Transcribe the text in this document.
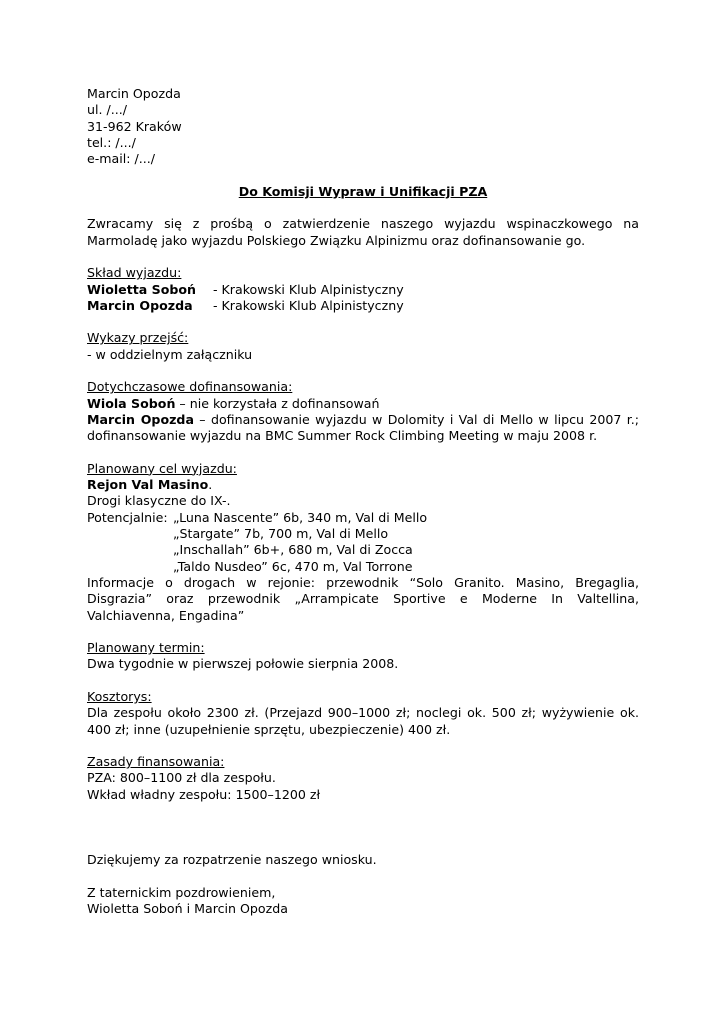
Marcin Opozda
ul. /.../
31-962 Kraków
tel.: /.../
e-mail: /.../
Do Komisji Wypraw i Unifikacji PZA
Zwracamy się z prośbą o zatwierdzenie naszego wyjazdu wspinaczkowego na Marmoladę jako wyjazdu Polskiego Związku Alpinizmu oraz dofinansowanie go.
Skład wyjazdu:
Wioletta Soboń - Krakowski Klub Alpinistyczny
Marcin Opozda - Krakowski Klub Alpinistyczny
Wykazy przejść:
- w oddzielnym załączniku
Dotychczasowe dofinansowania:
Wiola Soboń – nie korzystała z dofinansowań
Marcin Opozda – dofinansowanie wyjazdu w Dolomity i Val di Mello w lipcu 2007 r.; dofinansowanie wyjazdu na BMC Summer Rock Climbing Meeting w maju 2008 r.
Planowany cel wyjazdu:
Rejon Val Masino.
Drogi klasyczne do IX-.
Potencjalnie: „Luna Nascente” 6b, 340 m, Val di Mello
„Stargate” 7b, 700 m, Val di Mello
„Inschallah” 6b+, 680 m, Val di Zocca
„Taldo Nusdeo” 6c, 470 m, Val Torrone
Informacje o drogach w rejonie: przewodnik “Solo Granito. Masino, Bregaglia, Disgrazia” oraz przewodnik „Arrampicate Sportive e Moderne In Valtellina, Valchiavenna, Engadina”
Planowany termin:
Dwa tygodnie w pierwszej połowie sierpnia 2008.
Kosztorys:
Dla zespołu około 2300 zł. (Przejazd 900–1000 zł; noclegi ok. 500 zł; wyżywienie ok. 400 zł; inne (uzupełnienie sprzętu, ubezpieczenie) 400 zł.
Zasady finansowania:
PZA: 800–1100 zł dla zespołu.
Wkład władny zespołu: 1500–1200 zł
Dziękujemy za rozpatrzenie naszego wniosku.
Z taternickim pozdrowieniem,
Wioletta Soboń i Marcin Opozda
